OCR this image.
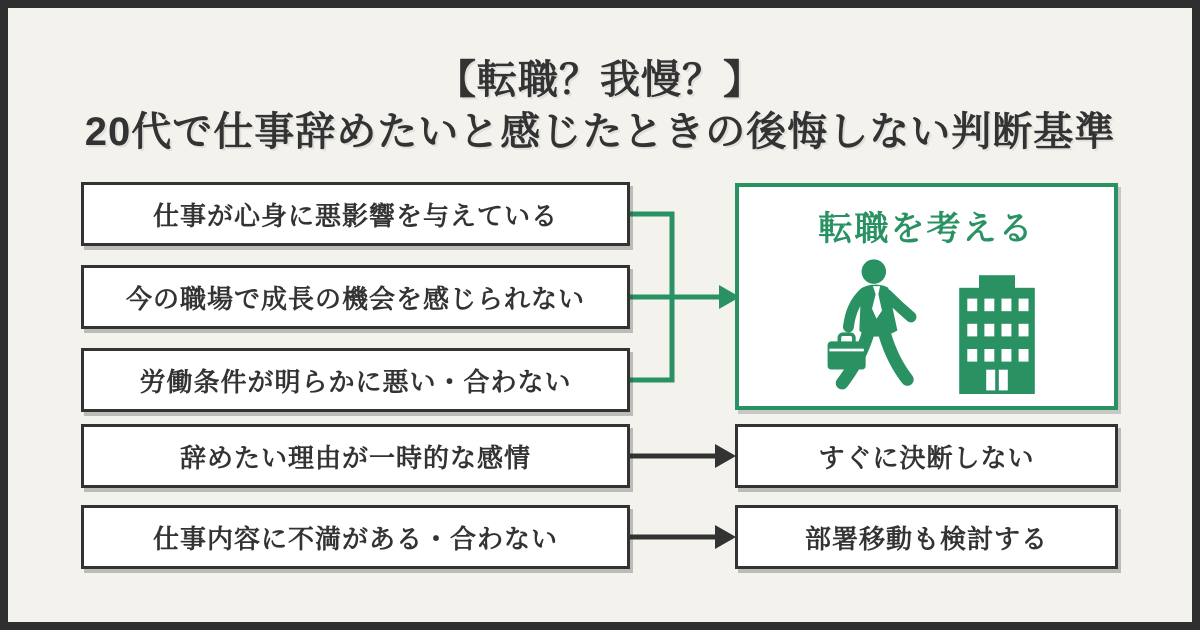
【転職？我慢？】
20代で仕事辞めたいと感じたときの後悔しない判断基準
仕事が心身に悪影響を与えている
今の職場で成長の機会を感じられない
労働条件が明らかに悪い・合わない
転職を考える
辞めたい理由が一時的な感情	すぐに決断しない
仕事内容に不満がある・合わない	部署移動も検討する
